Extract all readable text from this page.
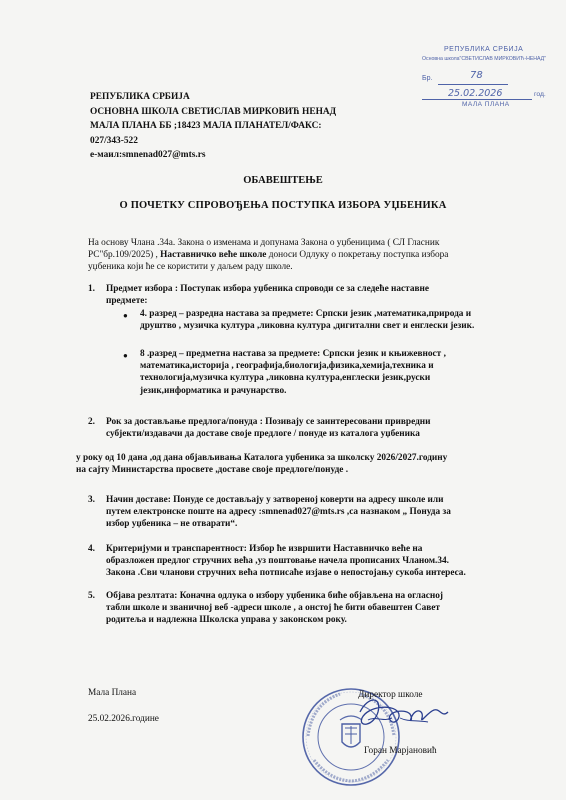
РЕПУБЛИКА СРБИЈА
ОСНОВНА ШКОЛА СВЕТИСЛАВ МИРКОВИЋ НЕНАД
МАЛА ПЛАНА ББ ;18423 МАЛА ПЛАНАТЕЛ/ФАКС:
027/343-522
е-маил:smnenad027@mts.rs
РЕПУБЛИКА СРБИЈА
Основна школа"СВЕТИСЛАВ МИРКОВИЋ-НЕНАД"
Бр.	78
25.02.2026	год.
МАЛА ПЛАНА
ОБАВЕШТЕЊЕ
О ПОЧЕТКУ СПРОВОЂЕЊА ПОСТУПКА ИЗБОРА УЏБЕНИКА
На основу Члана .34а. Закона о изменама и допунама Закона о уџбеницима ( СЛ Гласник
РС"бр.109/2025) , Наставничко веће школе доноси Одлуку о покретању поступка избора
уџбеника који ће се користити у даљем раду школе.
1. Предмет избора : Поступак избора уџбеника спроводи се за следеће наставне
предмете:
● 4. разред – разредна настава за предмете: Српски језик ,математика,природа и
друштво , музичка култура ,ликовна култура ,дигитални свет и енглески језик.
● 8 .разред – предметна настава за предмете: Српски језик и књижевност ,
математика,историја , географија,биологија,физика,хемија,техника и
технологија,музичка култура ,ликовна култура,енглески језик,руски
језик,информатика и рачунарство.
2. Рок за достављање предлога/понуда : Позивају се заинтересовани привредни
субјекти/издавачи да доставе своје предлоге / понуде из каталога уџбеника
у року од 10 дана ,од дана објављивања Каталога уџбеника за школску 2026/2027.годину
на сајту Министарства просвете ,доставе своје предлоге/понуде .
3. Начин доставе: Понуде се достављају у затвореној коверти на адресу школе или
путем електронске поште на адресу :smnenad027@mts.rs ,са назнаком „ Понуда за
избор уџбеника – не отварати“.
4. Критеријуми и транспарентност: Избор ће извршити Наставничко веће на
образложен предлог стручних већа ,уз поштовање начела прописаних Чланом.34.
Закона .Сви чланови стручних већа потписаће изјаве о непостојању сукоба интереса.
5. Објава резлтата: Коначна одлука о избору уџбеника биће објављена на огласној
табли школе и званичној веб -адреси школе , а онстој ће бити обавештен Савет
родитеља и надлежна Школска управа у законском року.
Мала Плана
25.02.2026.године
Директор школе
Горан Марјановић
